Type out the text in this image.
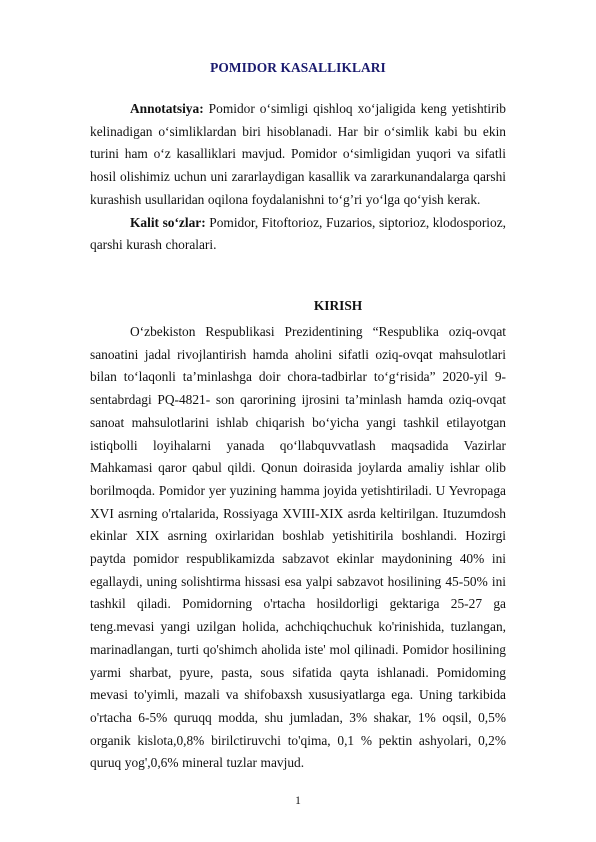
POMIDOR KASALLIKLARI

Annotatsiya: Pomidor o‘simligi qishloq xo‘jaligida keng yetishtirib kelinadigan o‘simliklardan biri hisoblanadi. Har bir o‘simlik kabi bu ekin turini ham o‘z kasalliklari mavjud. Pomidor o‘simligidan yuqori va sifatli hosil olishimiz uchun uni zararlaydigan kasallik va zararkunandalarga qarshi kurashish usullaridan oqilona foydalanishni to‘g’ri yo‘lga qo‘yish kerak.

Kalit so‘zlar: Pomidor, Fitoftorioz, Fuzarios, siptorioz, klodosporioz, qarshi kurash choralari.

KIRISH

O‘zbekiston Respublikasi Prezidentining “Respublika oziq-ovqat sanoatini jadal rivojlantirish hamda aholini sifatli oziq-ovqat mahsulotlari bilan to‘laqonli ta’minlashga doir chora-tadbirlar to‘g‘risida” 2020-yil 9-sentabrdagi PQ-4821- son qarorining ijrosini ta’minlash hamda oziq-ovqat sanoat mahsulotlarini ishlab chiqarish bo‘yicha yangi tashkil etilayotgan istiqbolli loyihalarni yanada qo‘llabquvvatlash maqsadida Vazirlar Mahkamasi qaror qabul qildi. Qonun doirasida joylarda amaliy ishlar olib borilmoqda. Pomidor yer yuzining hamma joyida yetishtiriladi. U Yevropaga XVI asrning o'rtalarida, Rossiyaga XVIII-XIX asrda keltirilgan. Ituzumdosh ekinlar XIX asrning oxirlaridan boshlab yetishitirila boshlandi. Hozirgi paytda pomidor respublikamizda sabzavot ekinlar maydonining 40% ini egallaydi, uning solishtirma hissasi esa yalpi sabzavot hosilining 45-50% ini tashkil qiladi. Pomidorning o'rtacha hosildorligi gektariga 25-27 ga teng.mevasi yangi uzilgan holida, achchiqchuchuk ko'rinishida, tuzlangan, marinadlangan, turti qo'shimch aholida iste' mol qilinadi. Pomidor hosilining yarmi sharbat, pyure, pasta, sous sifatida qayta ishlanadi. Pomidoming mevasi to'yimli, mazali va shifobaxsh xususiyatlarga ega. Uning tarkibida o'rtacha 6-5% quruqq modda, shu jumladan, 3% shakar, 1% oqsil, 0,5% organik kislota,0,8% birilctiruvchi to'qima, 0,1 % pektin ashyolari, 0,2% quruq yog',0,6% mineral tuzlar mavjud.

1
